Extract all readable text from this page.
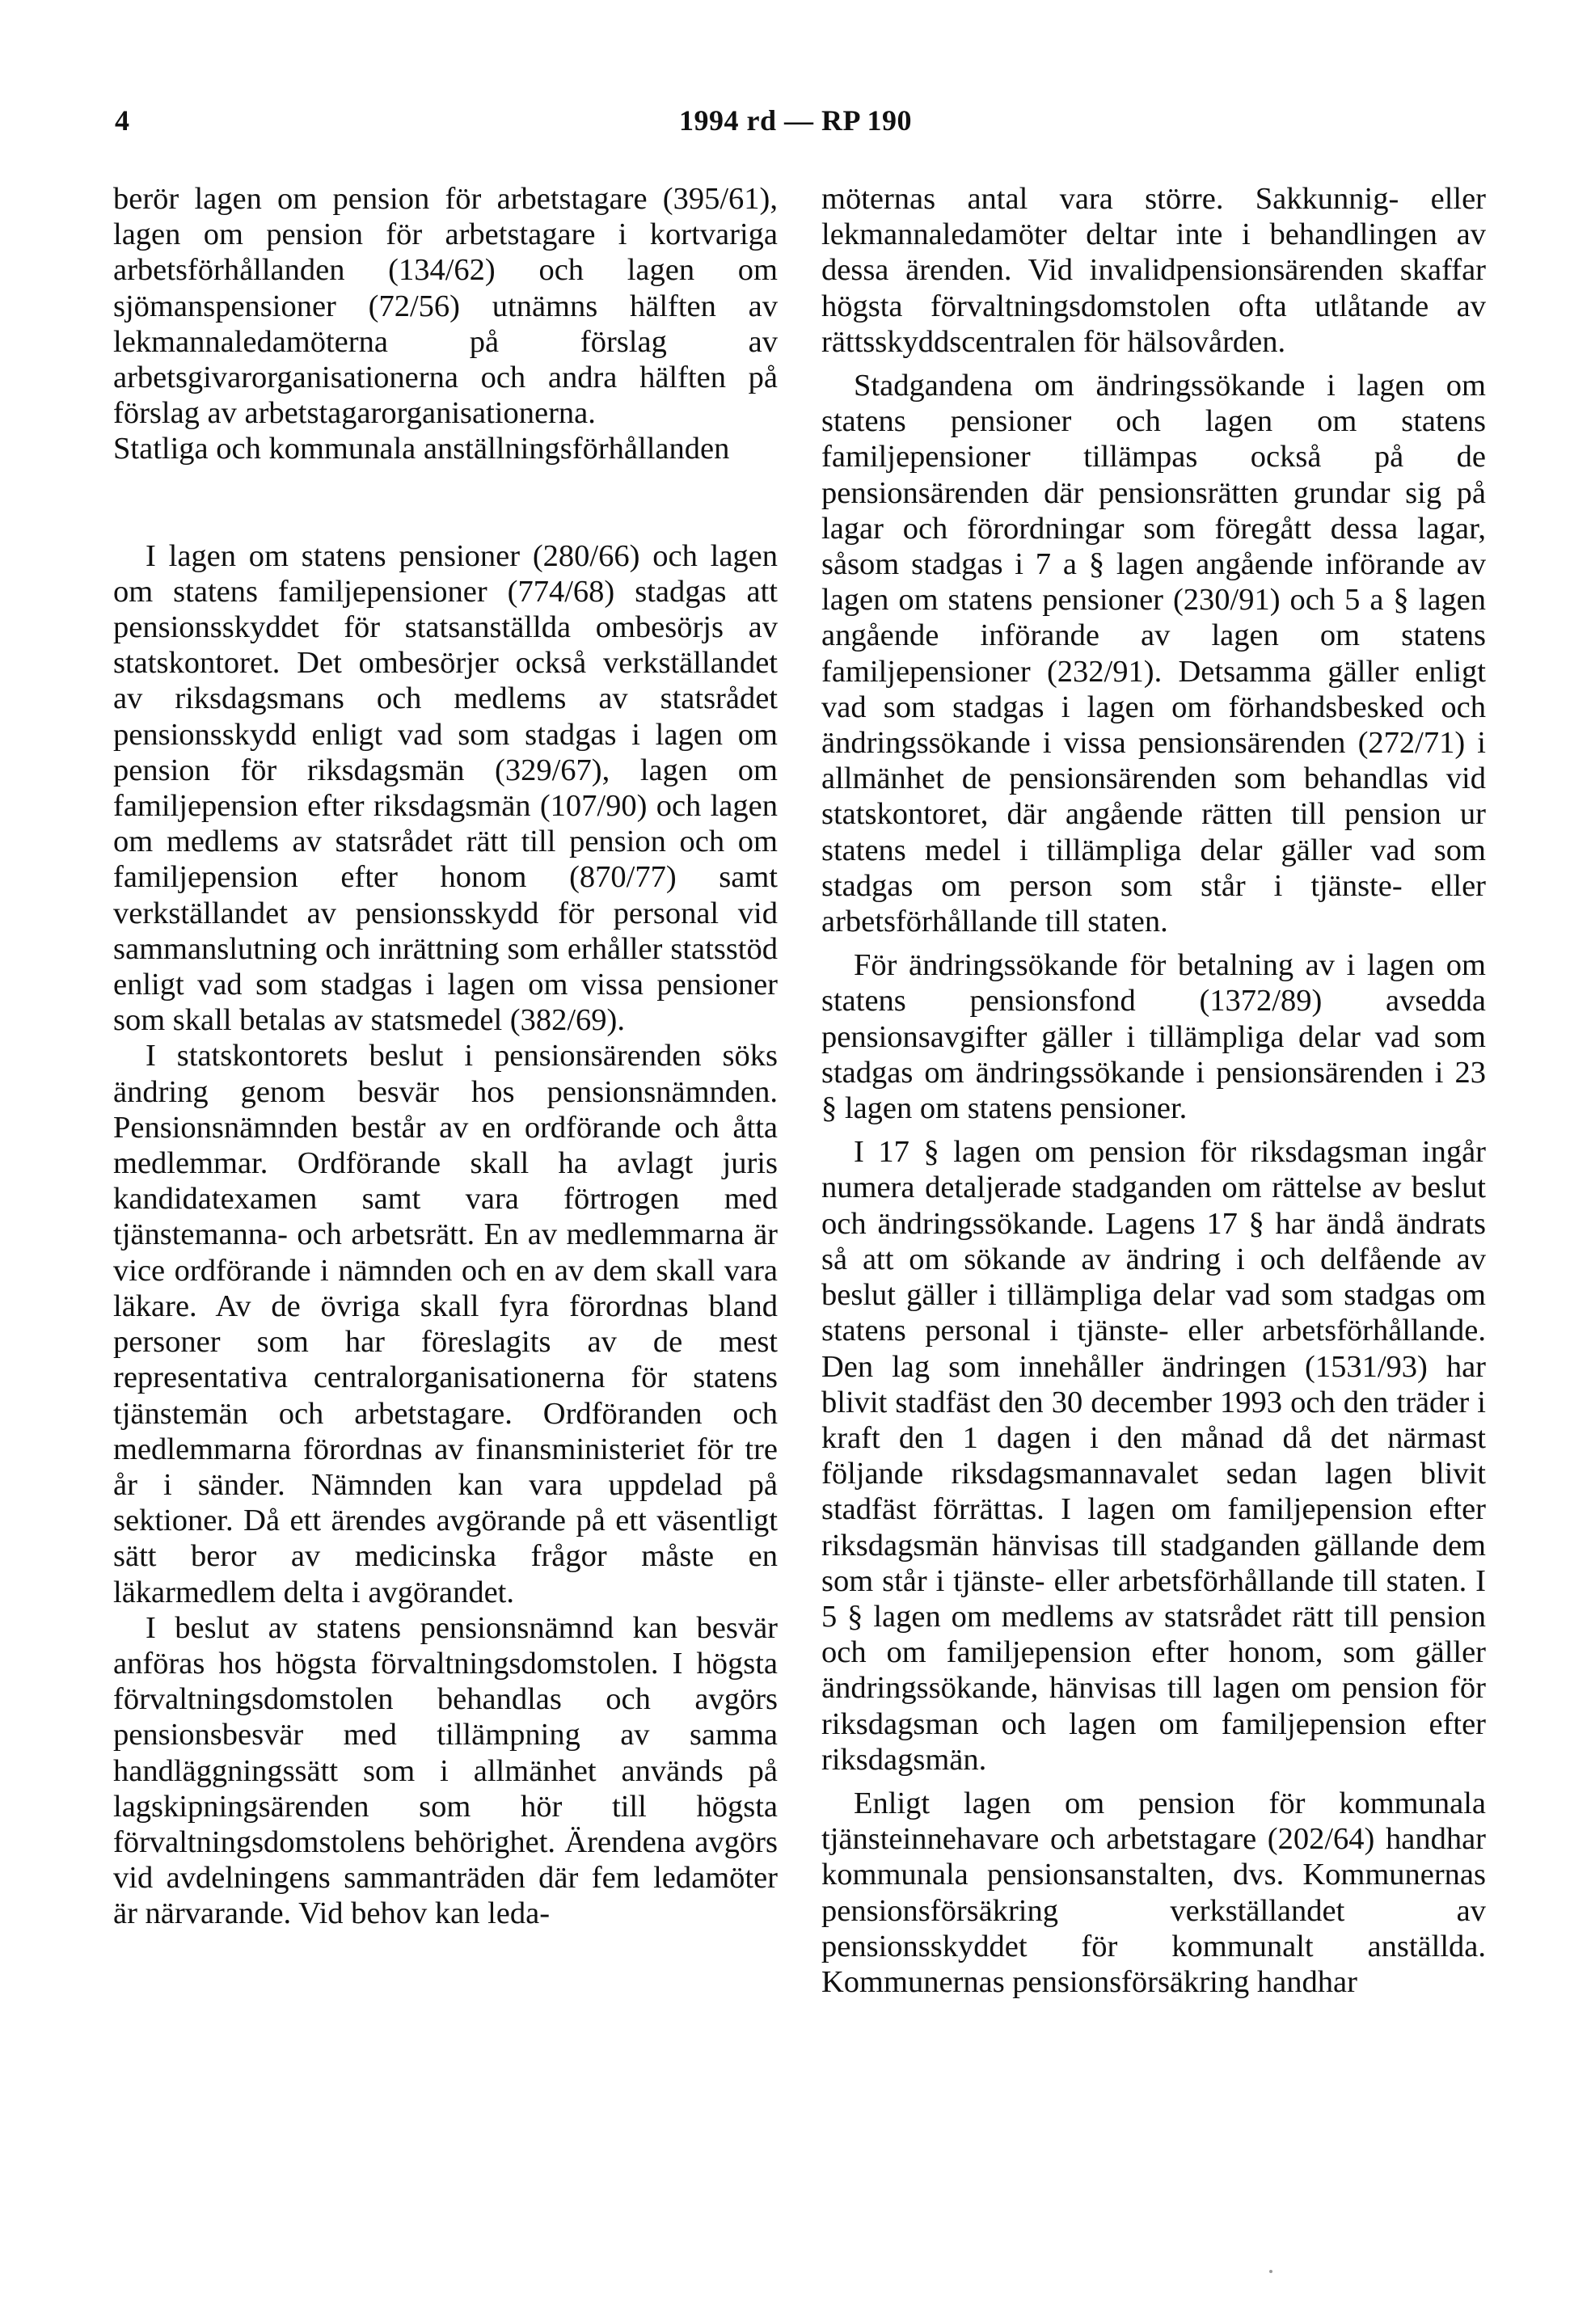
4	1994 rd — RP 190

berör lagen om pension för arbetstagare (395/61), lagen om pension för arbetstagare i kortvariga arbetsförhållanden (134/62) och lagen om sjömanspensioner (72/56) utnämns hälften av lekmannaledamöterna på förslag av arbetsgivarorganisationerna och andra hälften på förslag av arbetstagarorganisationerna.

Statliga och kommunala anställningsförhållanden

I lagen om statens pensioner (280/66) och lagen om statens familjepensioner (774/68) stadgas att pensionsskyddet för statsanställda ombesörjs av statskontoret. Det ombesörjer också verkställandet av riksdagsmans och medlems av statsrådet pensionsskydd enligt vad som stadgas i lagen om pension för riksdagsmän (329/67), lagen om familjepension efter riksdagsmän (107/90) och lagen om medlems av statsrådet rätt till pension och om familjepension efter honom (870/77) samt verkställandet av pensionsskydd för personal vid sammanslutning och inrättning som erhåller statsstöd enligt vad som stadgas i lagen om vissa pensioner som skall betalas av statsmedel (382/69).

I statskontorets beslut i pensionsärenden söks ändring genom besvär hos pensionsnämnden. Pensionsnämnden består av en ordförande och åtta medlemmar. Ordförande skall ha avlagt juris kandidatexamen samt vara förtrogen med tjänstemanna- och arbetsrätt. En av medlemmarna är vice ordförande i nämnden och en av dem skall vara läkare. Av de övriga skall fyra förordnas bland personer som har föreslagits av de mest representativa centralorganisationerna för statens tjänstemän och arbetstagare. Ordföranden och medlemmarna förordnas av finansministeriet för tre år i sänder. Nämnden kan vara uppdelad på sektioner. Då ett ärendes avgörande på ett väsentligt sätt beror av medicinska frågor måste en läkarmedlem delta i avgörandet.

I beslut av statens pensionsnämnd kan besvär anföras hos högsta förvaltningsdomstolen. I högsta förvaltningsdomstolen behandlas och avgörs pensionsbesvär med tillämpning av samma handläggningssätt som i allmänhet används på lagskipningsärenden som hör till högsta förvaltningsdomstolens behörighet. Ärendena avgörs vid avdelningens sammanträden där fem ledamöter är närvarande. Vid behov kan leda-

möternas antal vara större. Sakkunnig- eller lekmannaledamöter deltar inte i behandlingen av dessa ärenden. Vid invalidpensionsärenden skaffar högsta förvaltningsdomstolen ofta utlåtande av rättsskyddscentralen för hälsovården.

Stadgandena om ändringssökande i lagen om statens pensioner och lagen om statens familjepensioner tillämpas också på de pensionsärenden där pensionsrätten grundar sig på lagar och förordningar som föregått dessa lagar, såsom stadgas i 7 a § lagen angående införande av lagen om statens pensioner (230/91) och 5 a § lagen angående införande av lagen om statens familjepensioner (232/91). Detsamma gäller enligt vad som stadgas i lagen om förhandsbesked och ändringssökande i vissa pensionsärenden (272/71) i allmänhet de pensionsärenden som behandlas vid statskontoret, där angående rätten till pension ur statens medel i tillämpliga delar gäller vad som stadgas om person som står i tjänste- eller arbetsförhållande till staten.

För ändringssökande för betalning av i lagen om statens pensionsfond (1372/89) avsedda pensionsavgifter gäller i tillämpliga delar vad som stadgas om ändringssökande i pensionsärenden i 23 § lagen om statens pensioner.

I 17 § lagen om pension för riksdagsman ingår numera detaljerade stadganden om rättelse av beslut och ändringssökande. Lagens 17 § har ändå ändrats så att om sökande av ändring i och delfående av beslut gäller i tillämpliga delar vad som stadgas om statens personal i tjänste- eller arbetsförhållande. Den lag som innehåller ändringen (1531/93) har blivit stadfäst den 30 december 1993 och den träder i kraft den 1 dagen i den månad då det närmast följande riksdagsmannavalet sedan lagen blivit stadfäst förrättas. I lagen om familjepension efter riksdagsmän hänvisas till stadganden gällande dem som står i tjänste- eller arbetsförhållande till staten. I 5 § lagen om medlems av statsrådet rätt till pension och om familjepension efter honom, som gäller ändringssökande, hänvisas till lagen om pension för riksdagsman och lagen om familjepension efter riksdagsmän.

Enligt lagen om pension för kommunala tjänsteinnehavare och arbetstagare (202/64) handhar kommunala pensionsanstalten, dvs. Kommunernas pensionsförsäkring verkställandet av pensionsskyddet för kommunalt anställda. Kommunernas pensionsförsäkring handhar
